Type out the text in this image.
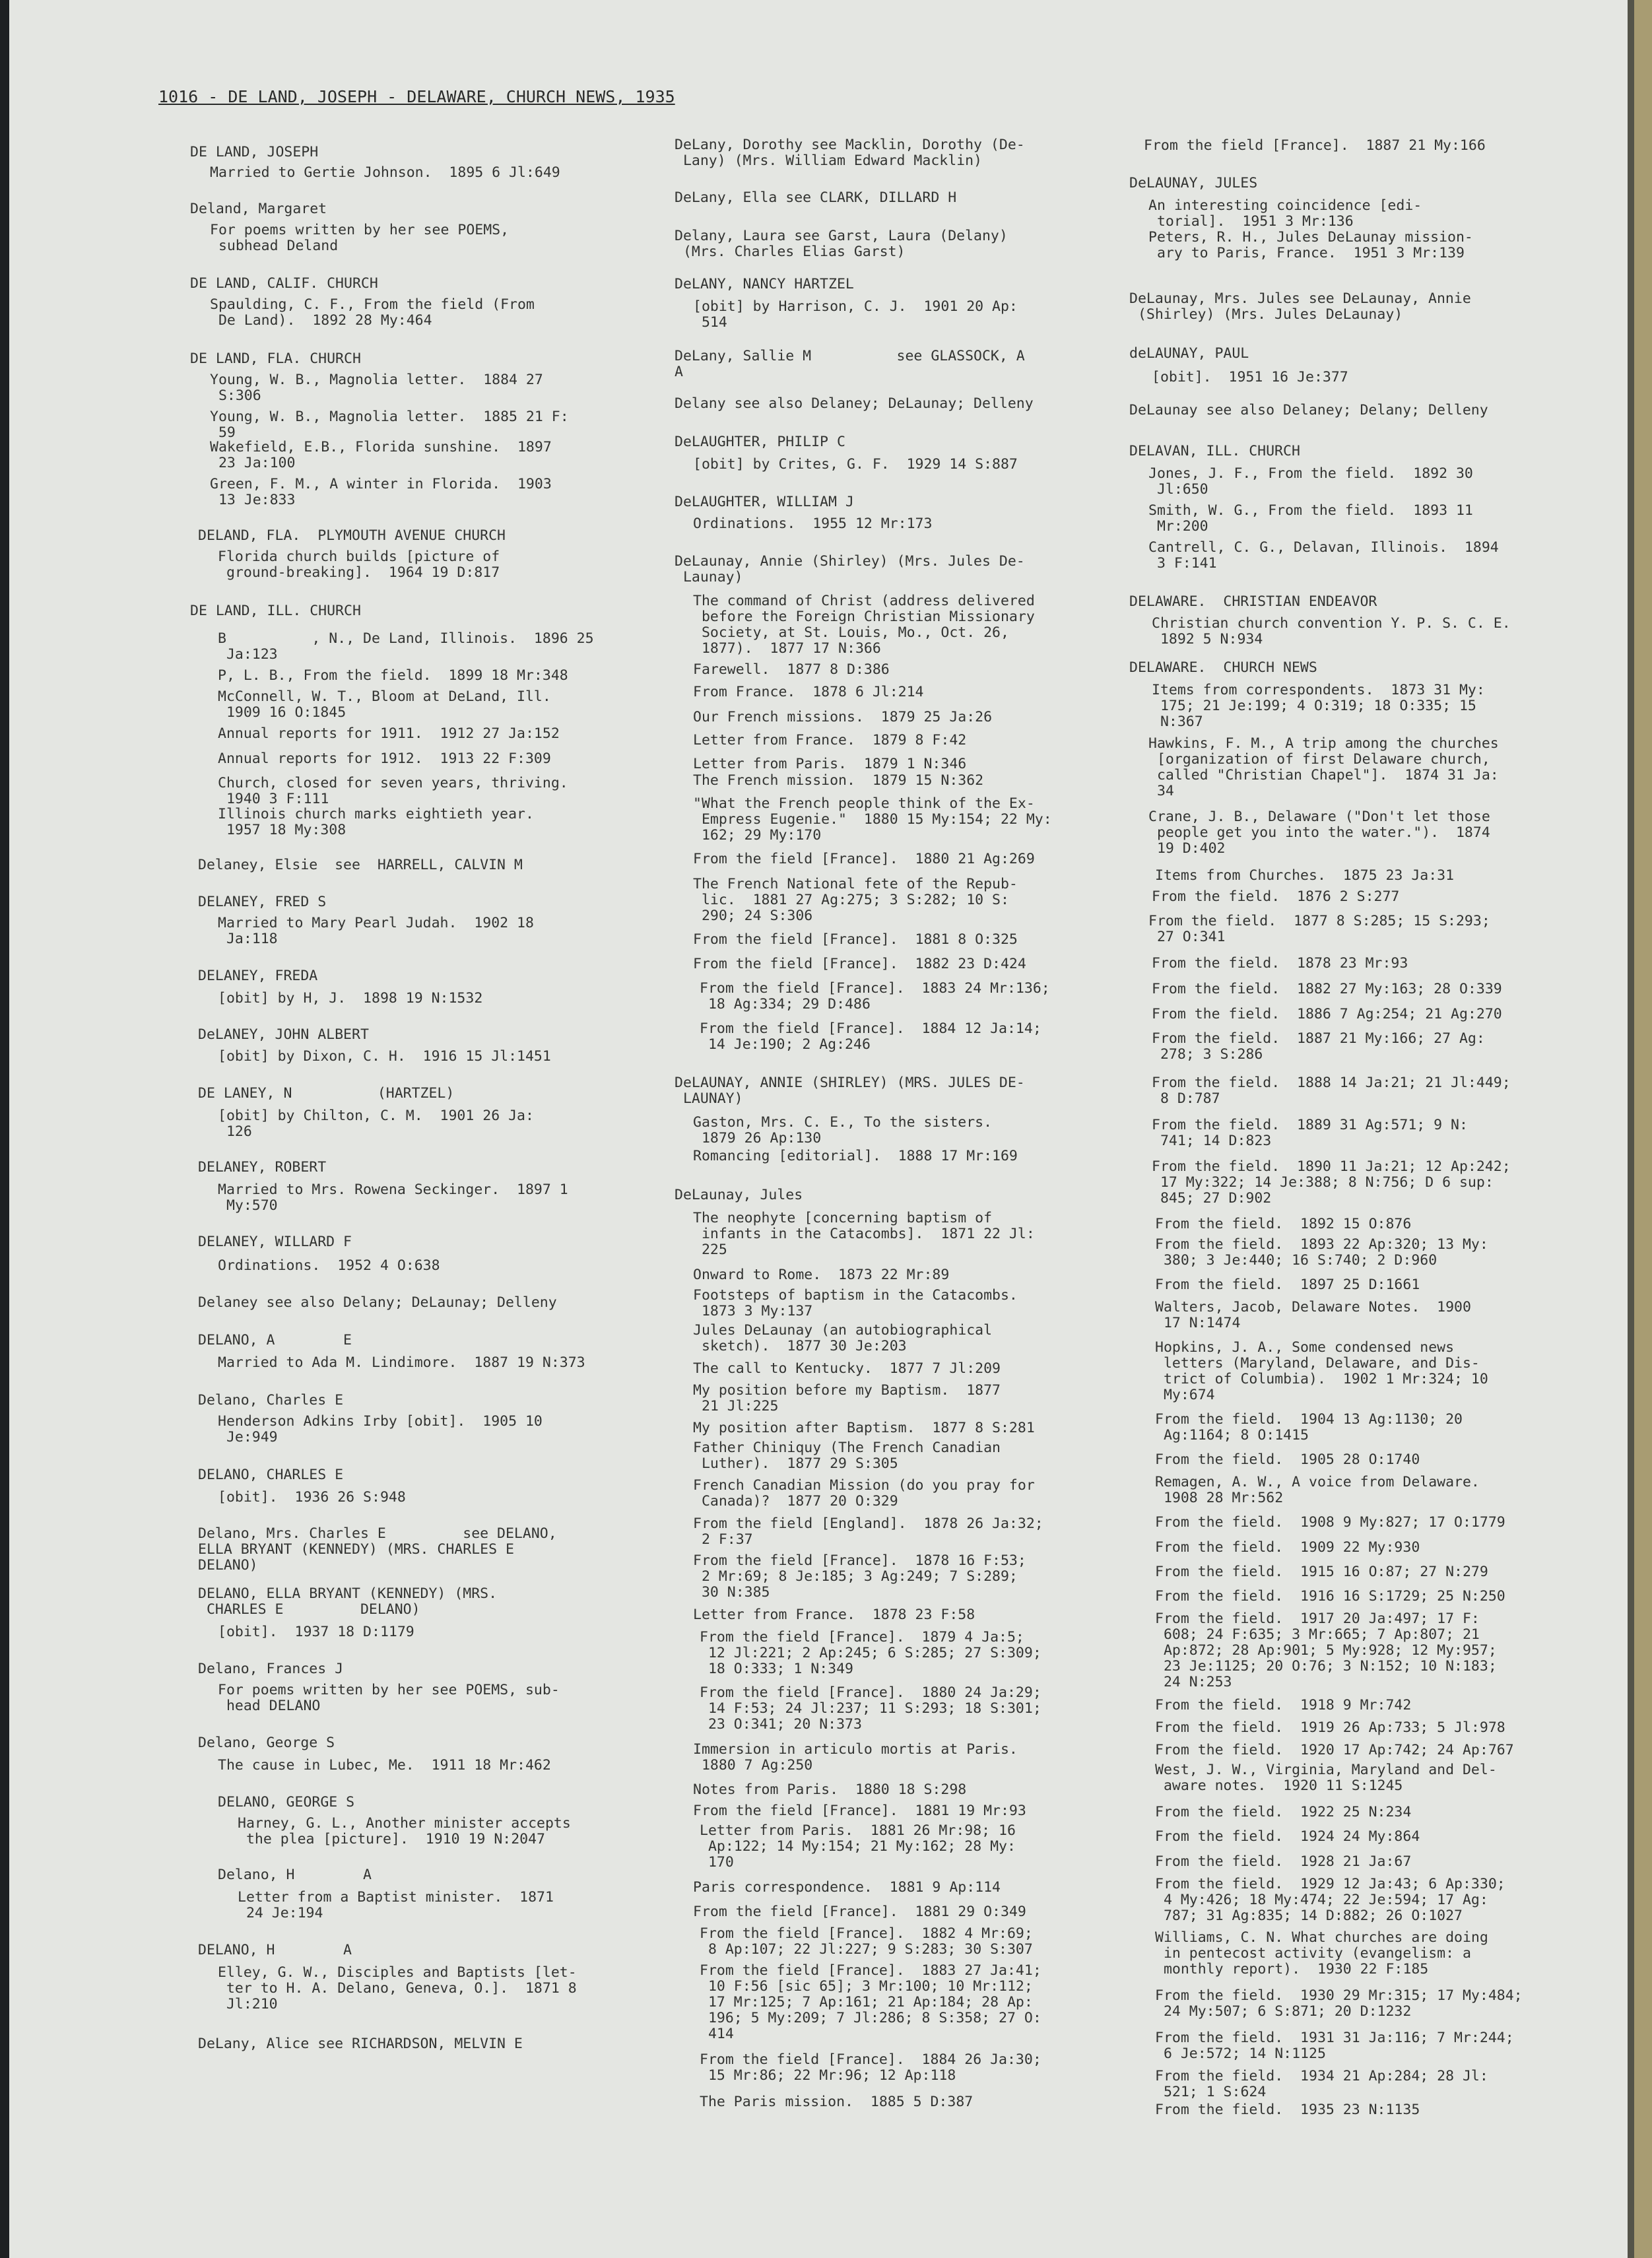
1016 - DE LAND, JOSEPH - DELAWARE, CHURCH NEWS, 1935
DE LAND, JOSEPH
Married to Gertie Johnson.  1895 6 Jl:649
Deland, Margaret
For poems written by her see POEMS,
subhead Deland
DE LAND, CALIF. CHURCH
Spaulding, C. F., From the field (From
De Land).  1892 28 My:464
DE LAND, FLA. CHURCH
Young, W. B., Magnolia letter.  1884 27
S:306
Young, W. B., Magnolia letter.  1885 21 F:
59
Wakefield, E.B., Florida sunshine.  1897
23 Ja:100
Green, F. M., A winter in Florida.  1903
13 Je:833
DELAND, FLA.  PLYMOUTH AVENUE CHURCH
Florida church builds [picture of
ground-breaking].  1964 19 D:817
DE LAND, ILL. CHURCH
B          , N., De Land, Illinois.  1896 25
Ja:123
P, L. B., From the field.  1899 18 Mr:348
McConnell, W. T., Bloom at DeLand, Ill.
1909 16 O:1845
Annual reports for 1911.  1912 27 Ja:152
Annual reports for 1912.  1913 22 F:309
Church, closed for seven years, thriving.
1940 3 F:111
Illinois church marks eightieth year.
1957 18 My:308
Delaney, Elsie  see  HARRELL, CALVIN M
DELANEY, FRED S
Married to Mary Pearl Judah.  1902 18
Ja:118
DELANEY, FREDA
[obit] by H, J.  1898 19 N:1532
DeLANEY, JOHN ALBERT
[obit] by Dixon, C. H.  1916 15 Jl:1451
DE LANEY, N          (HARTZEL)
[obit] by Chilton, C. M.  1901 26 Ja:
126
DELANEY, ROBERT
Married to Mrs. Rowena Seckinger.  1897 1
My:570
DELANEY, WILLARD F
Ordinations.  1952 4 O:638
Delaney see also Delany; DeLaunay; Delleny
DELANO, A        E
Married to Ada M. Lindimore.  1887 19 N:373
Delano, Charles E
Henderson Adkins Irby [obit].  1905 10
Je:949
DELANO, CHARLES E
[obit].  1936 26 S:948
Delano, Mrs. Charles E         see DELANO,
ELLA BRYANT (KENNEDY) (MRS. CHARLES E
DELANO)
DELANO, ELLA BRYANT (KENNEDY) (MRS.
CHARLES E         DELANO)
[obit].  1937 18 D:1179
Delano, Frances J
For poems written by her see POEMS, sub-
head DELANO
Delano, George S
The cause in Lubec, Me.  1911 18 Mr:462
DELANO, GEORGE S
Harney, G. L., Another minister accepts
the plea [picture].  1910 19 N:2047
Delano, H        A
Letter from a Baptist minister.  1871
24 Je:194
DELANO, H        A
Elley, G. W., Disciples and Baptists [let-
ter to H. A. Delano, Geneva, O.].  1871 8
Jl:210
DeLany, Alice see RICHARDSON, MELVIN E
DeLany, Dorothy see Macklin, Dorothy (De-
Lany) (Mrs. William Edward Macklin)
DeLany, Ella see CLARK, DILLARD H
Delany, Laura see Garst, Laura (Delany)
(Mrs. Charles Elias Garst)
DeLANY, NANCY HARTZEL
[obit] by Harrison, C. J.  1901 20 Ap:
514
DeLany, Sallie M          see GLASSOCK, A
A
Delany see also Delaney; DeLaunay; Delleny
DeLAUGHTER, PHILIP C
[obit] by Crites, G. F.  1929 14 S:887
DeLAUGHTER, WILLIAM J
Ordinations.  1955 12 Mr:173
DeLaunay, Annie (Shirley) (Mrs. Jules De-
Launay)
The command of Christ (address delivered
before the Foreign Christian Missionary
Society, at St. Louis, Mo., Oct. 26,
1877).  1877 17 N:366
Farewell.  1877 8 D:386
From France.  1878 6 Jl:214
Our French missions.  1879 25 Ja:26
Letter from France.  1879 8 F:42
Letter from Paris.  1879 1 N:346
The French mission.  1879 15 N:362
"What the French people think of the Ex-
Empress Eugenie."  1880 15 My:154; 22 My:
162; 29 My:170
From the field [France].  1880 21 Ag:269
The French National fete of the Repub-
lic.  1881 27 Ag:275; 3 S:282; 10 S:
290; 24 S:306
From the field [France].  1881 8 O:325
From the field [France].  1882 23 D:424
From the field [France].  1883 24 Mr:136;
18 Ag:334; 29 D:486
From the field [France].  1884 12 Ja:14;
14 Je:190; 2 Ag:246
DeLAUNAY, ANNIE (SHIRLEY) (MRS. JULES DE-
LAUNAY)
Gaston, Mrs. C. E., To the sisters.
1879 26 Ap:130
Romancing [editorial].  1888 17 Mr:169
DeLaunay, Jules
The neophyte [concerning baptism of
infants in the Catacombs].  1871 22 Jl:
225
Onward to Rome.  1873 22 Mr:89
Footsteps of baptism in the Catacombs.
1873 3 My:137
Jules DeLaunay (an autobiographical
sketch).  1877 30 Je:203
The call to Kentucky.  1877 7 Jl:209
My position before my Baptism.  1877
21 Jl:225
My position after Baptism.  1877 8 S:281
Father Chiniquy (The French Canadian
Luther).  1877 29 S:305
French Canadian Mission (do you pray for
Canada)?  1877 20 O:329
From the field [England].  1878 26 Ja:32;
2 F:37
From the field [France].  1878 16 F:53;
2 Mr:69; 8 Je:185; 3 Ag:249; 7 S:289;
30 N:385
Letter from France.  1878 23 F:58
From the field [France].  1879 4 Ja:5;
12 Jl:221; 2 Ap:245; 6 S:285; 27 S:309;
18 O:333; 1 N:349
From the field [France].  1880 24 Ja:29;
14 F:53; 24 Jl:237; 11 S:293; 18 S:301;
23 O:341; 20 N:373
Immersion in articulo mortis at Paris.
1880 7 Ag:250
Notes from Paris.  1880 18 S:298
From the field [France].  1881 19 Mr:93
Letter from Paris.  1881 26 Mr:98; 16
Ap:122; 14 My:154; 21 My:162; 28 My:
170
Paris correspondence.  1881 9 Ap:114
From the field [France].  1881 29 O:349
From the field [France].  1882 4 Mr:69;
8 Ap:107; 22 Jl:227; 9 S:283; 30 S:307
From the field [France].  1883 27 Ja:41;
10 F:56 [sic 65]; 3 Mr:100; 10 Mr:112;
17 Mr:125; 7 Ap:161; 21 Ap:184; 28 Ap:
196; 5 My:209; 7 Jl:286; 8 S:358; 27 O:
414
From the field [France].  1884 26 Ja:30;
15 Mr:86; 22 Mr:96; 12 Ap:118
The Paris mission.  1885 5 D:387
From the field [France].  1887 21 My:166
DeLAUNAY, JULES
An interesting coincidence [edi-
torial].  1951 3 Mr:136
Peters, R. H., Jules DeLaunay mission-
ary to Paris, France.  1951 3 Mr:139
DeLaunay, Mrs. Jules see DeLaunay, Annie
(Shirley) (Mrs. Jules DeLaunay)
deLAUNAY, PAUL
[obit].  1951 16 Je:377
DeLaunay see also Delaney; Delany; Delleny
DELAVAN, ILL. CHURCH
Jones, J. F., From the field.  1892 30
Jl:650
Smith, W. G., From the field.  1893 11
Mr:200
Cantrell, C. G., Delavan, Illinois.  1894
3 F:141
DELAWARE.  CHRISTIAN ENDEAVOR
Christian church convention Y. P. S. C. E.
1892 5 N:934
DELAWARE.  CHURCH NEWS
Items from correspondents.  1873 31 My:
175; 21 Je:199; 4 O:319; 18 O:335; 15
N:367
Hawkins, F. M., A trip among the churches
[organization of first Delaware church,
called "Christian Chapel"].  1874 31 Ja:
34
Crane, J. B., Delaware ("Don't let those
people get you into the water.").  1874
19 D:402
Items from Churches.  1875 23 Ja:31
From the field.  1876 2 S:277
From the field.  1877 8 S:285; 15 S:293;
27 O:341
From the field.  1878 23 Mr:93
From the field.  1882 27 My:163; 28 O:339
From the field.  1886 7 Ag:254; 21 Ag:270
From the field.  1887 21 My:166; 27 Ag:
278; 3 S:286
From the field.  1888 14 Ja:21; 21 Jl:449;
8 D:787
From the field.  1889 31 Ag:571; 9 N:
741; 14 D:823
From the field.  1890 11 Ja:21; 12 Ap:242;
17 My:322; 14 Je:388; 8 N:756; D 6 sup:
845; 27 D:902
From the field.  1892 15 O:876
From the field.  1893 22 Ap:320; 13 My:
380; 3 Je:440; 16 S:740; 2 D:960
From the field.  1897 25 D:1661
Walters, Jacob, Delaware Notes.  1900
17 N:1474
Hopkins, J. A., Some condensed news
letters (Maryland, Delaware, and Dis-
trict of Columbia).  1902 1 Mr:324; 10
My:674
From the field.  1904 13 Ag:1130; 20
Ag:1164; 8 O:1415
From the field.  1905 28 O:1740
Remagen, A. W., A voice from Delaware.
1908 28 Mr:562
From the field.  1908 9 My:827; 17 O:1779
From the field.  1909 22 My:930
From the field.  1915 16 O:87; 27 N:279
From the field.  1916 16 S:1729; 25 N:250
From the field.  1917 20 Ja:497; 17 F:
608; 24 F:635; 3 Mr:665; 7 Ap:807; 21
Ap:872; 28 Ap:901; 5 My:928; 12 My:957;
23 Je:1125; 20 O:76; 3 N:152; 10 N:183;
24 N:253
From the field.  1918 9 Mr:742
From the field.  1919 26 Ap:733; 5 Jl:978
From the field.  1920 17 Ap:742; 24 Ap:767
West, J. W., Virginia, Maryland and Del-
aware notes.  1920 11 S:1245
From the field.  1922 25 N:234
From the field.  1924 24 My:864
From the field.  1928 21 Ja:67
From the field.  1929 12 Ja:43; 6 Ap:330;
4 My:426; 18 My:474; 22 Je:594; 17 Ag:
787; 31 Ag:835; 14 D:882; 26 O:1027
Williams, C. N. What churches are doing
in pentecost activity (evangelism: a
monthly report).  1930 22 F:185
From the field.  1930 29 Mr:315; 17 My:484;
24 My:507; 6 S:871; 20 D:1232
From the field.  1931 31 Ja:116; 7 Mr:244;
6 Je:572; 14 N:1125
From the field.  1934 21 Ap:284; 28 Jl:
521; 1 S:624
From the field.  1935 23 N:1135
